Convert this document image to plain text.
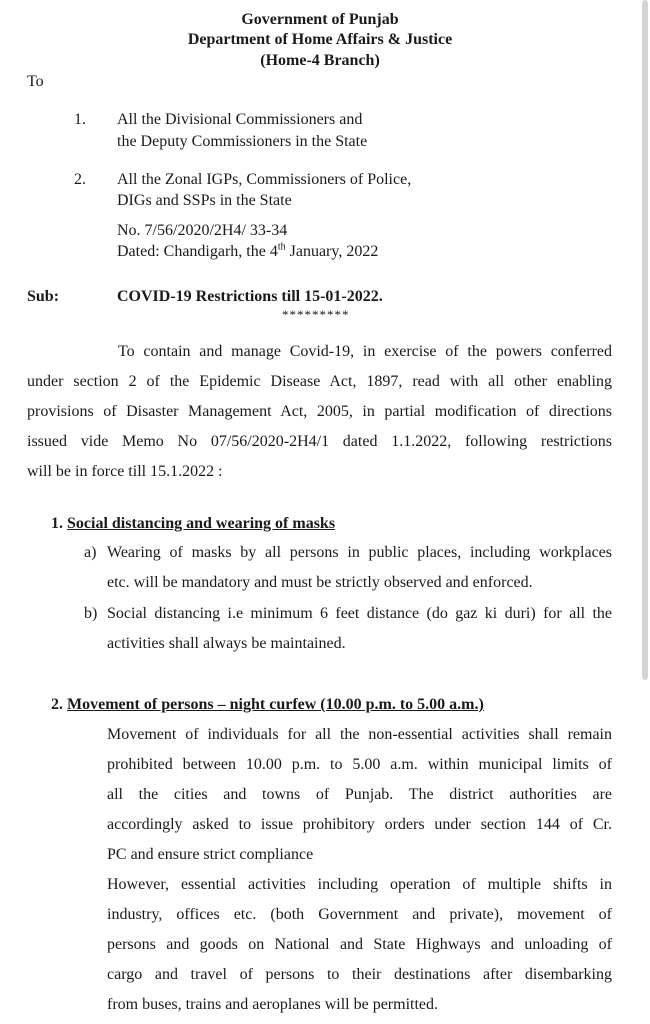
Government of Punjab
Department of Home Affairs & Justice
(Home-4 Branch)
To
1. All the Divisional Commissioners and
the Deputy Commissioners in the State
2. All the Zonal IGPs, Commissioners of Police,
DIGs and SSPs in the State
No. 7/56/2020/2H4/ 33-34
Dated: Chandigarh, the 4th January, 2022
Sub:	COVID-19 Restrictions till 15-01-2022.
*********
To contain and manage Covid-19, in exercise of the powers conferred
under section 2 of the Epidemic Disease Act, 1897, read with all other enabling
provisions of Disaster Management Act, 2005, in partial modification of directions
issued vide Memo No 07/56/2020-2H4/1 dated 1.1.2022, following restrictions
will be in force till 15.1.2022 :
1. Social distancing and wearing of masks
a) Wearing of masks by all persons in public places, including workplaces
etc. will be mandatory and must be strictly observed and enforced.
b) Social distancing i.e minimum 6 feet distance (do gaz ki duri) for all the
activities shall always be maintained.
2. Movement of persons – night curfew (10.00 p.m. to 5.00 a.m.)
Movement of individuals for all the non-essential activities shall remain
prohibited between 10.00 p.m. to 5.00 a.m. within municipal limits of
all the cities and towns of Punjab. The district authorities are
accordingly asked to issue prohibitory orders under section 144 of Cr.
PC and ensure strict compliance
However, essential activities including operation of multiple shifts in
industry, offices etc. (both Government and private), movement of
persons and goods on National and State Highways and unloading of
cargo and travel of persons to their destinations after disembarking
from buses, trains and aeroplanes will be permitted.
